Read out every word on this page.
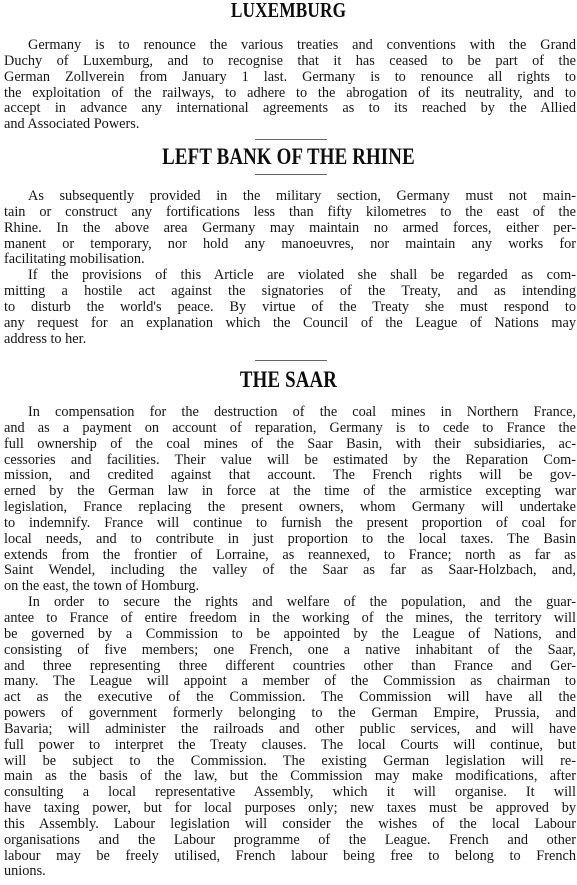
LUXEMBURG
Germany is to renounce the various treaties and conventions with the Grand
Duchy of Luxemburg, and to recognise that it has ceased to be part of the
German Zollverein from January 1 last. Germany is to renounce all rights to
the exploitation of the railways, to adhere to the abrogation of its neutrality, and to
accept in advance any international agreements as to its reached by the Allied
and Associated Powers.
LEFT BANK OF THE RHINE
As subsequently provided in the military section, Germany must not main-
tain or construct any fortifications less than fifty kilometres to the east of the
Rhine. In the above area Germany may maintain no armed forces, either per-
manent or temporary, nor hold any manoeuvres, nor maintain any works for
facilitating mobilisation.
If the provisions of this Article are violated she shall be regarded as com-
mitting a hostile act against the signatories of the Treaty, and as intending
to disturb the world's peace. By virtue of the Treaty she must respond to
any request for an explanation which the Council of the League of Nations may
address to her.
THE SAAR
In compensation for the destruction of the coal mines in Northern France,
and as a payment on account of reparation, Germany is to cede to France the
full ownership of the coal mines of the Saar Basin, with their subsidiaries, ac-
cessories and facilities. Their value will be estimated by the Reparation Com-
mission, and credited against that account. The French rights will be gov-
erned by the German law in force at the time of the armistice excepting war
legislation, France replacing the present owners, whom Germany will undertake
to indemnify. France will continue to furnish the present proportion of coal for
local needs, and to contribute in just proportion to the local taxes. The Basin
extends from the frontier of Lorraine, as reannexed, to France; north as far as
Saint Wendel, including the valley of the Saar as far as Saar-Holzbach, and,
on the east, the town of Homburg.
In order to secure the rights and welfare of the population, and the guar-
antee to France of entire freedom in the working of the mines, the territory will
be governed by a Commission to be appointed by the League of Nations, and
consisting of five members; one French, one a native inhabitant of the Saar,
and three representing three different countries other than France and Ger-
many. The League will appoint a member of the Commission as chairman to
act as the executive of the Commission. The Commission will have all the
powers of government formerly belonging to the German Empire, Prussia, and
Bavaria; will administer the railroads and other public services, and will have
full power to interpret the Treaty clauses. The local Courts will continue, but
will be subject to the Commission. The existing German legislation will re-
main as the basis of the law, but the Commission may make modifications, after
consulting a local representative Assembly, which it will organise. It will
have taxing power, but for local purposes only; new taxes must be approved by
this Assembly. Labour legislation will consider the wishes of the local Labour
organisations and the Labour programme of the League. French and other
labour may be freely utilised, French labour being free to belong to French
unions.
